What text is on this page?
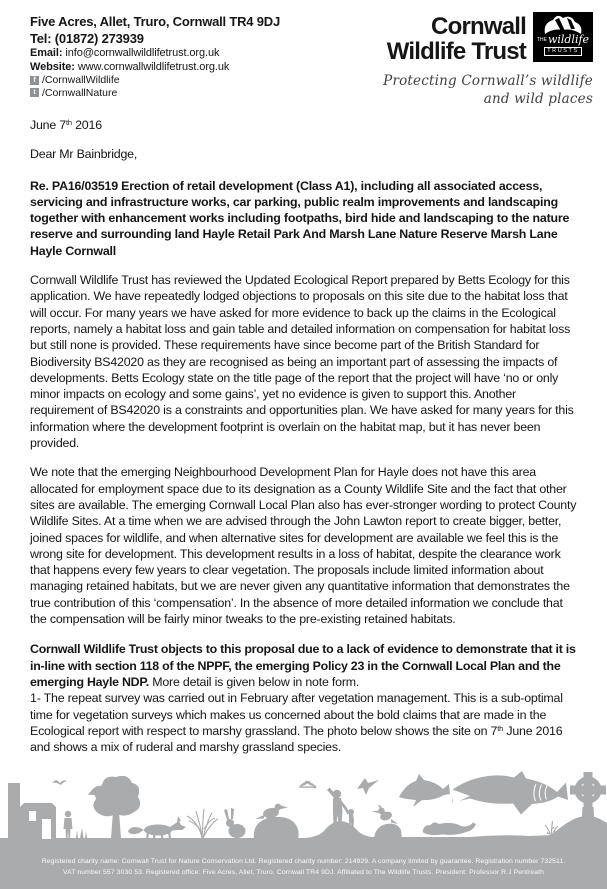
Five Acres, Allet, Truro, Cornwall TR4 9DJ
Tel: (01872) 273939
Email: info@cornwallwildlifetrust.org.uk
Website: www.cornwallwildlifetrust.org.uk
f /CornwallWildlife
t /CornwallNature
Cornwall
Wildlife Trust THEwildlife
TRUSTS
Protecting Cornwall’s wildlife
and wild places

June 7th 2016

Dear Mr Bainbridge,

Re. PA16/03519 Erection of retail development (Class A1), including all associated access, servicing and infrastructure works, car parking, public realm improvements and landscaping together with enhancement works including footpaths, bird hide and landscaping to the nature reserve and surrounding land Hayle Retail Park And Marsh Lane Nature Reserve Marsh Lane Hayle Cornwall

Cornwall Wildlife Trust has reviewed the Updated Ecological Report prepared by Betts Ecology for this application. We have repeatedly lodged objections to proposals on this site due to the habitat loss that will occur. For many years we have asked for more evidence to back up the claims in the Ecological reports, namely a habitat loss and gain table and detailed information on compensation for habitat loss but still none is provided. These requirements have since become part of the British Standard for Biodiversity BS42020 as they are recognised as being an important part of assessing the impacts of developments. Betts Ecology state on the title page of the report that the project will have ‘no or only minor impacts on ecology and some gains’, yet no evidence is given to support this. Another requirement of BS42020 is a constraints and opportunities plan. We have asked for many years for this information where the development footprint is overlain on the habitat map, but it has never been provided.

We note that the emerging Neighbourhood Development Plan for Hayle does not have this area allocated for employment space due to its designation as a County Wildlife Site and the fact that other sites are available. The emerging Cornwall Local Plan also has ever-stronger wording to protect County Wildlife Sites. At a time when we are advised through the John Lawton report to create bigger, better, joined spaces for wildlife, and when alternative sites for development are available we feel this is the wrong site for development. This development results in a loss of habitat, despite the clearance work that happens every few years to clear vegetation. The proposals include limited information about managing retained habitats, but we are never given any quantitative information that demonstrates the true contribution of this ‘compensation’. In the absence of more detailed information we conclude that the compensation will be fairly minor tweaks to the pre-existing retained habitats.

Cornwall Wildlife Trust objects to this proposal due to a lack of evidence to demonstrate that it is in-line with section 118 of the NPPF, the emerging Policy 23 in the Cornwall Local Plan and the emerging Hayle NDP. More detail is given below in note form.

1- The repeat survey was carried out in February after vegetation management. This is a sub-optimal time for vegetation surveys which makes us concerned about the bold claims that are made in the Ecological report with respect to marshy grassland. The photo below shows the site on 7th June 2016 and shows a mix of ruderal and marshy grassland species.

Registered charity name: Cornwall Trust for Nature Conservation Ltd. Registered charity number: 214929. A company limited by guarantee. Registration number 732511.
VAT number 557 3030 53. Registered office: Five Acres, Allet, Truro, Cornwall TR4 9DJ. Affiliated to The Wildlife Trusts. President: Professor R J Pentreath
